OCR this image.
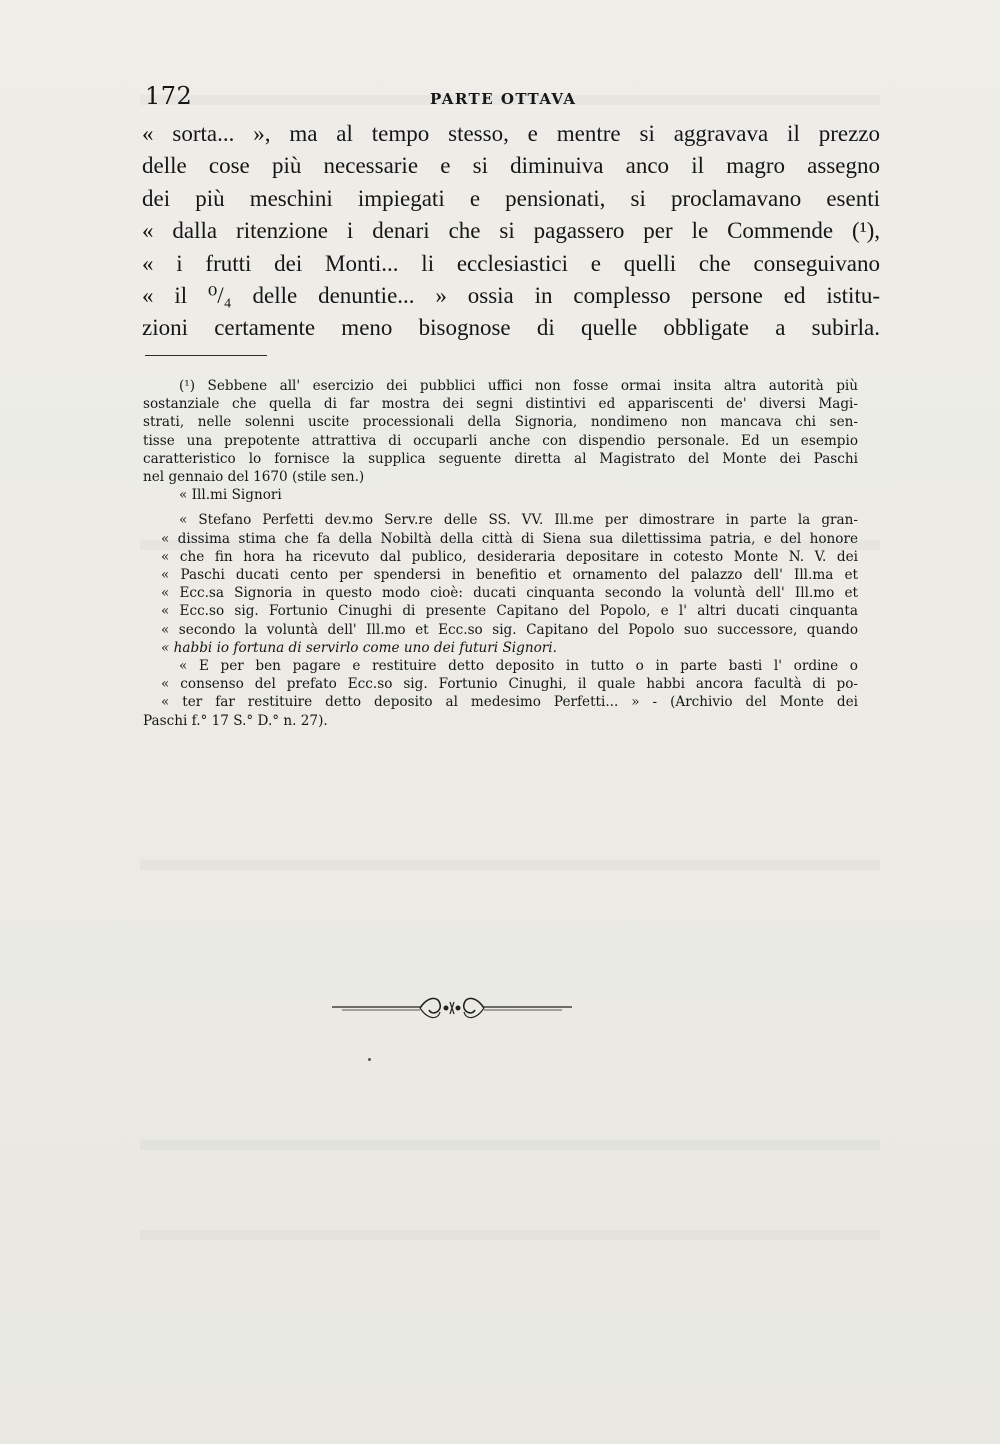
172	PARTE OTTAVA
« sorta... », ma al tempo stesso, e mentre si aggravava il prezzo
delle cose più necessarie e si diminuiva anco il magro assegno
dei più meschini impiegati e pensionati, si proclamavano esenti
« dalla ritenzione i denari che si pagassero per le Commende (¹),
« i frutti dei Monti... li ecclesiastici e quelli che conseguivano
« il ⁰/₄ delle denuntie... » ossia in complesso persone ed istitu-
zioni certamente meno bisognose di quelle obbligate a subirla.
(¹) Sebbene all' esercizio dei pubblici uffici non fosse ormai insita altra autorità più
sostanziale che quella di far mostra dei segni distintivi ed appariscenti de' diversi Magi-
strati, nelle solenni uscite processionali della Signoria, nondimeno non mancava chi sen-
tisse una prepotente attrattiva di occuparli anche con dispendio personale. Ed un esempio
caratteristico lo fornisce la supplica seguente diretta al Magistrato del Monte dei Paschi
nel gennaio del 1670 (stile sen.)
« Ill.mi Signori
« Stefano Perfetti dev.mo Serv.re delle SS. VV. Ill.me per dimostrare in parte la gran-
« dissima stima che fa della Nobiltà della città di Siena sua dilettissima patria, e del honore
« che fin hora ha ricevuto dal publico, desideraria depositare in cotesto Monte N. V. dei
« Paschi ducati cento per spendersi in benefitio et ornamento del palazzo dell' Ill.ma et
« Ecc.sa Signoria in questo modo cioè: ducati cinquanta secondo la voluntà dell' Ill.mo et
« Ecc.so sig. Fortunio Cinughi di presente Capitano del Popolo, e l' altri ducati cinquanta
« secondo la voluntà dell' Ill.mo et Ecc.so sig. Capitano del Popolo suo successore, quando
« habbi io fortuna di servirlo come uno dei futuri Signori.
« E per ben pagare e restituire detto deposito in tutto o in parte basti l' ordine o
« consenso del prefato Ecc.so sig. Fortunio Cinughi, il quale habbi ancora facultà di po-
« ter far restituire detto deposito al medesimo Perfetti... » - (Archivio del Monte dei
Paschi f.° 17 S.° D.° n. 27).
